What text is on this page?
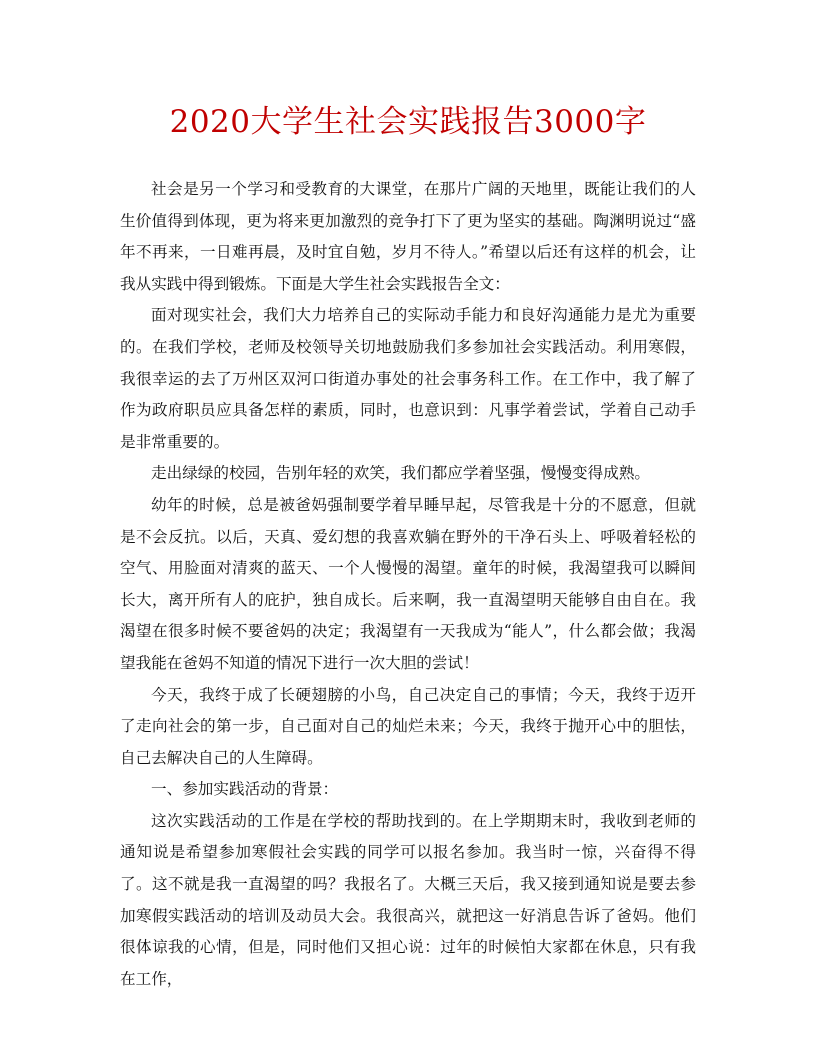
2020大学生社会实践报告3000字

社会是另一个学习和受教育的大课堂，在那片广阔的天地里，既能让我们的人生价值得到体现，更为将来更加激烈的竞争打下了更为坚实的基础。陶渊明说过“盛年不再来，一日难再晨，及时宜自勉，岁月不待人。”希望以后还有这样的机会，让我从实践中得到锻炼。下面是大学生社会实践报告全文：

面对现实社会，我们大力培养自己的实际动手能力和良好沟通能力是尤为重要的。在我们学校，老师及校领导关切地鼓励我们多参加社会实践活动。利用寒假，我很幸运的去了万州区双河口街道办事处的社会事务科工作。在工作中，我了解了作为政府职员应具备怎样的素质，同时，也意识到：凡事学着尝试，学着自己动手是非常重要的。

走出绿绿的校园，告别年轻的欢笑，我们都应学着坚强，慢慢变得成熟。

幼年的时候，总是被爸妈强制要学着早睡早起，尽管我是十分的不愿意，但就是不会反抗。以后，天真、爱幻想的我喜欢躺在野外的干净石头上、呼吸着轻松的空气、用脸面对清爽的蓝天、一个人慢慢的渴望。童年的时候，我渴望我可以瞬间长大，离开所有人的庇护，独自成长。后来啊，我一直渴望明天能够自由自在。我渴望在很多时候不要爸妈的决定；我渴望有一天我成为“能人”，什么都会做；我渴望我能在爸妈不知道的情况下进行一次大胆的尝试！

今天，我终于成了长硬翅膀的小鸟，自己决定自己的事情；今天，我终于迈开了走向社会的第一步，自己面对自己的灿烂未来；今天，我终于抛开心中的胆怯，自己去解决自己的人生障碍。

一、参加实践活动的背景：

这次实践活动的工作是在学校的帮助找到的。在上学期期末时，我收到老师的通知说是希望参加寒假社会实践的同学可以报名参加。我当时一惊，兴奋得不得了。这不就是我一直渴望的吗？我报名了。大概三天后，我又接到通知说是要去参加寒假实践活动的培训及动员大会。我很高兴，就把这一好消息告诉了爸妈。他们很体谅我的心情，但是，同时他们又担心说：过年的时候怕大家都在休息，只有我在工作，
